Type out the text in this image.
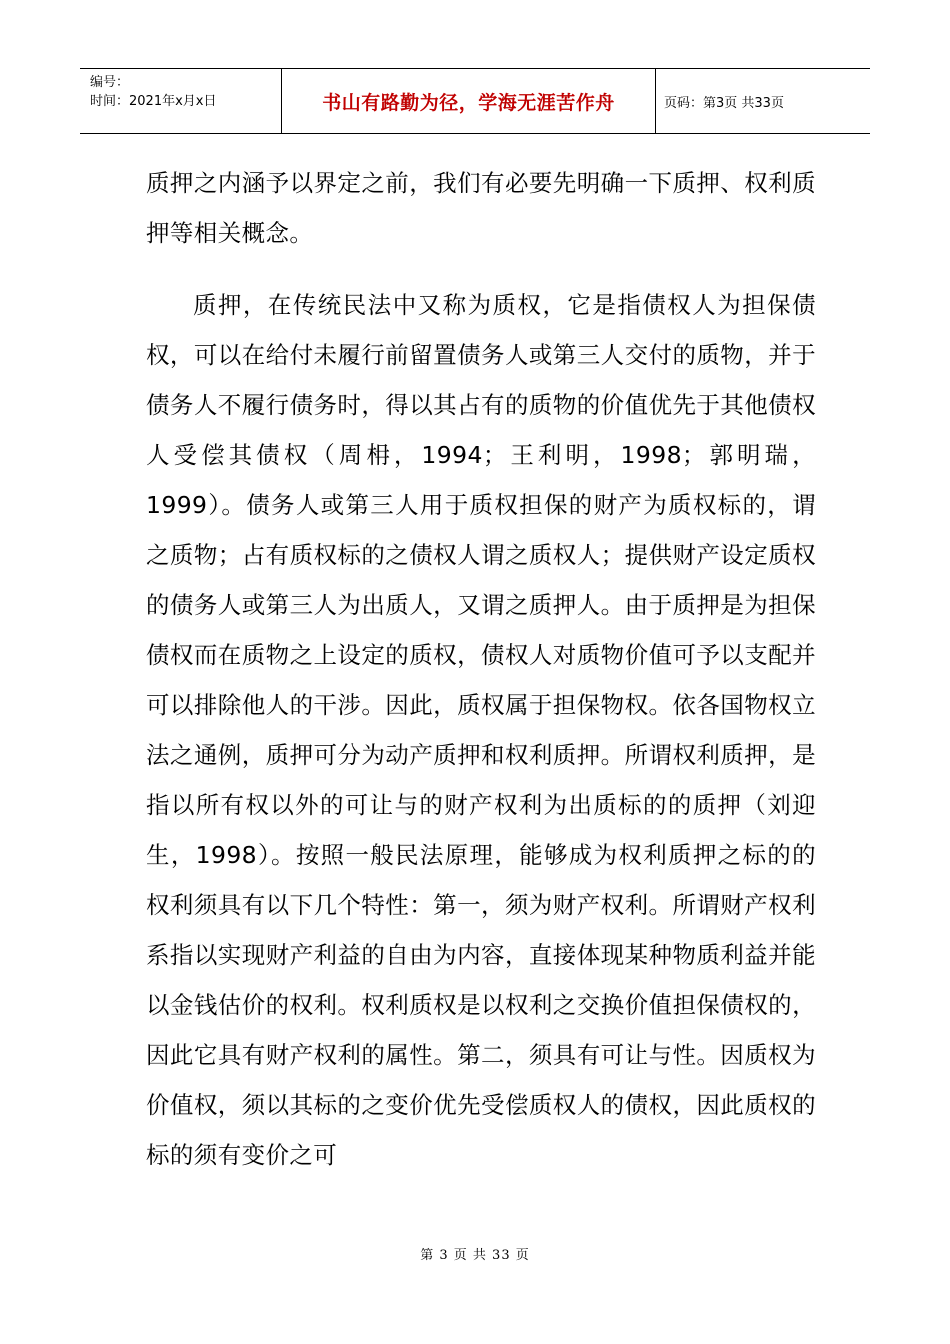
编号：
时间：2021年x月x日	书山有路勤为径，学海无涯苦作舟	页码：第3页 共33页

质押之内涵予以界定之前，我们有必要先明确一下质押、权利质押等相关概念。

质押，在传统民法中又称为质权，它是指债权人为担保债权，可以在给付未履行前留置债务人或第三人交付的质物，并于债务人不履行债务时，得以其占有的质物的价值优先于其他债权人受偿其债权（周枏，1994；王利明，1998；郭明瑞，1999）。债务人或第三人用于质权担保的财产为质权标的，谓之质物；占有质权标的之债权人谓之质权人；提供财产设定质权的债务人或第三人为出质人，又谓之质押人。由于质押是为担保债权而在质物之上设定的质权，债权人对质物价值可予以支配并可以排除他人的干涉。因此，质权属于担保物权。依各国物权立法之通例，质押可分为动产质押和权利质押。所谓权利质押，是指以所有权以外的可让与的财产权利为出质标的的质押（刘迎生，1998）。按照一般民法原理，能够成为权利质押之标的的权利须具有以下几个特性：第一，须为财产权利。所谓财产权利系指以实现财产利益的自由为内容，直接体现某种物质利益并能以金钱估价的权利。权利质权是以权利之交换价值担保债权的，因此它具有财产权利的属性。第二，须具有可让与性。因质权为价值权，须以其标的之变价优先受偿质权人的债权，因此质权的标的须有变价之可

第 3 页 共 33 页
